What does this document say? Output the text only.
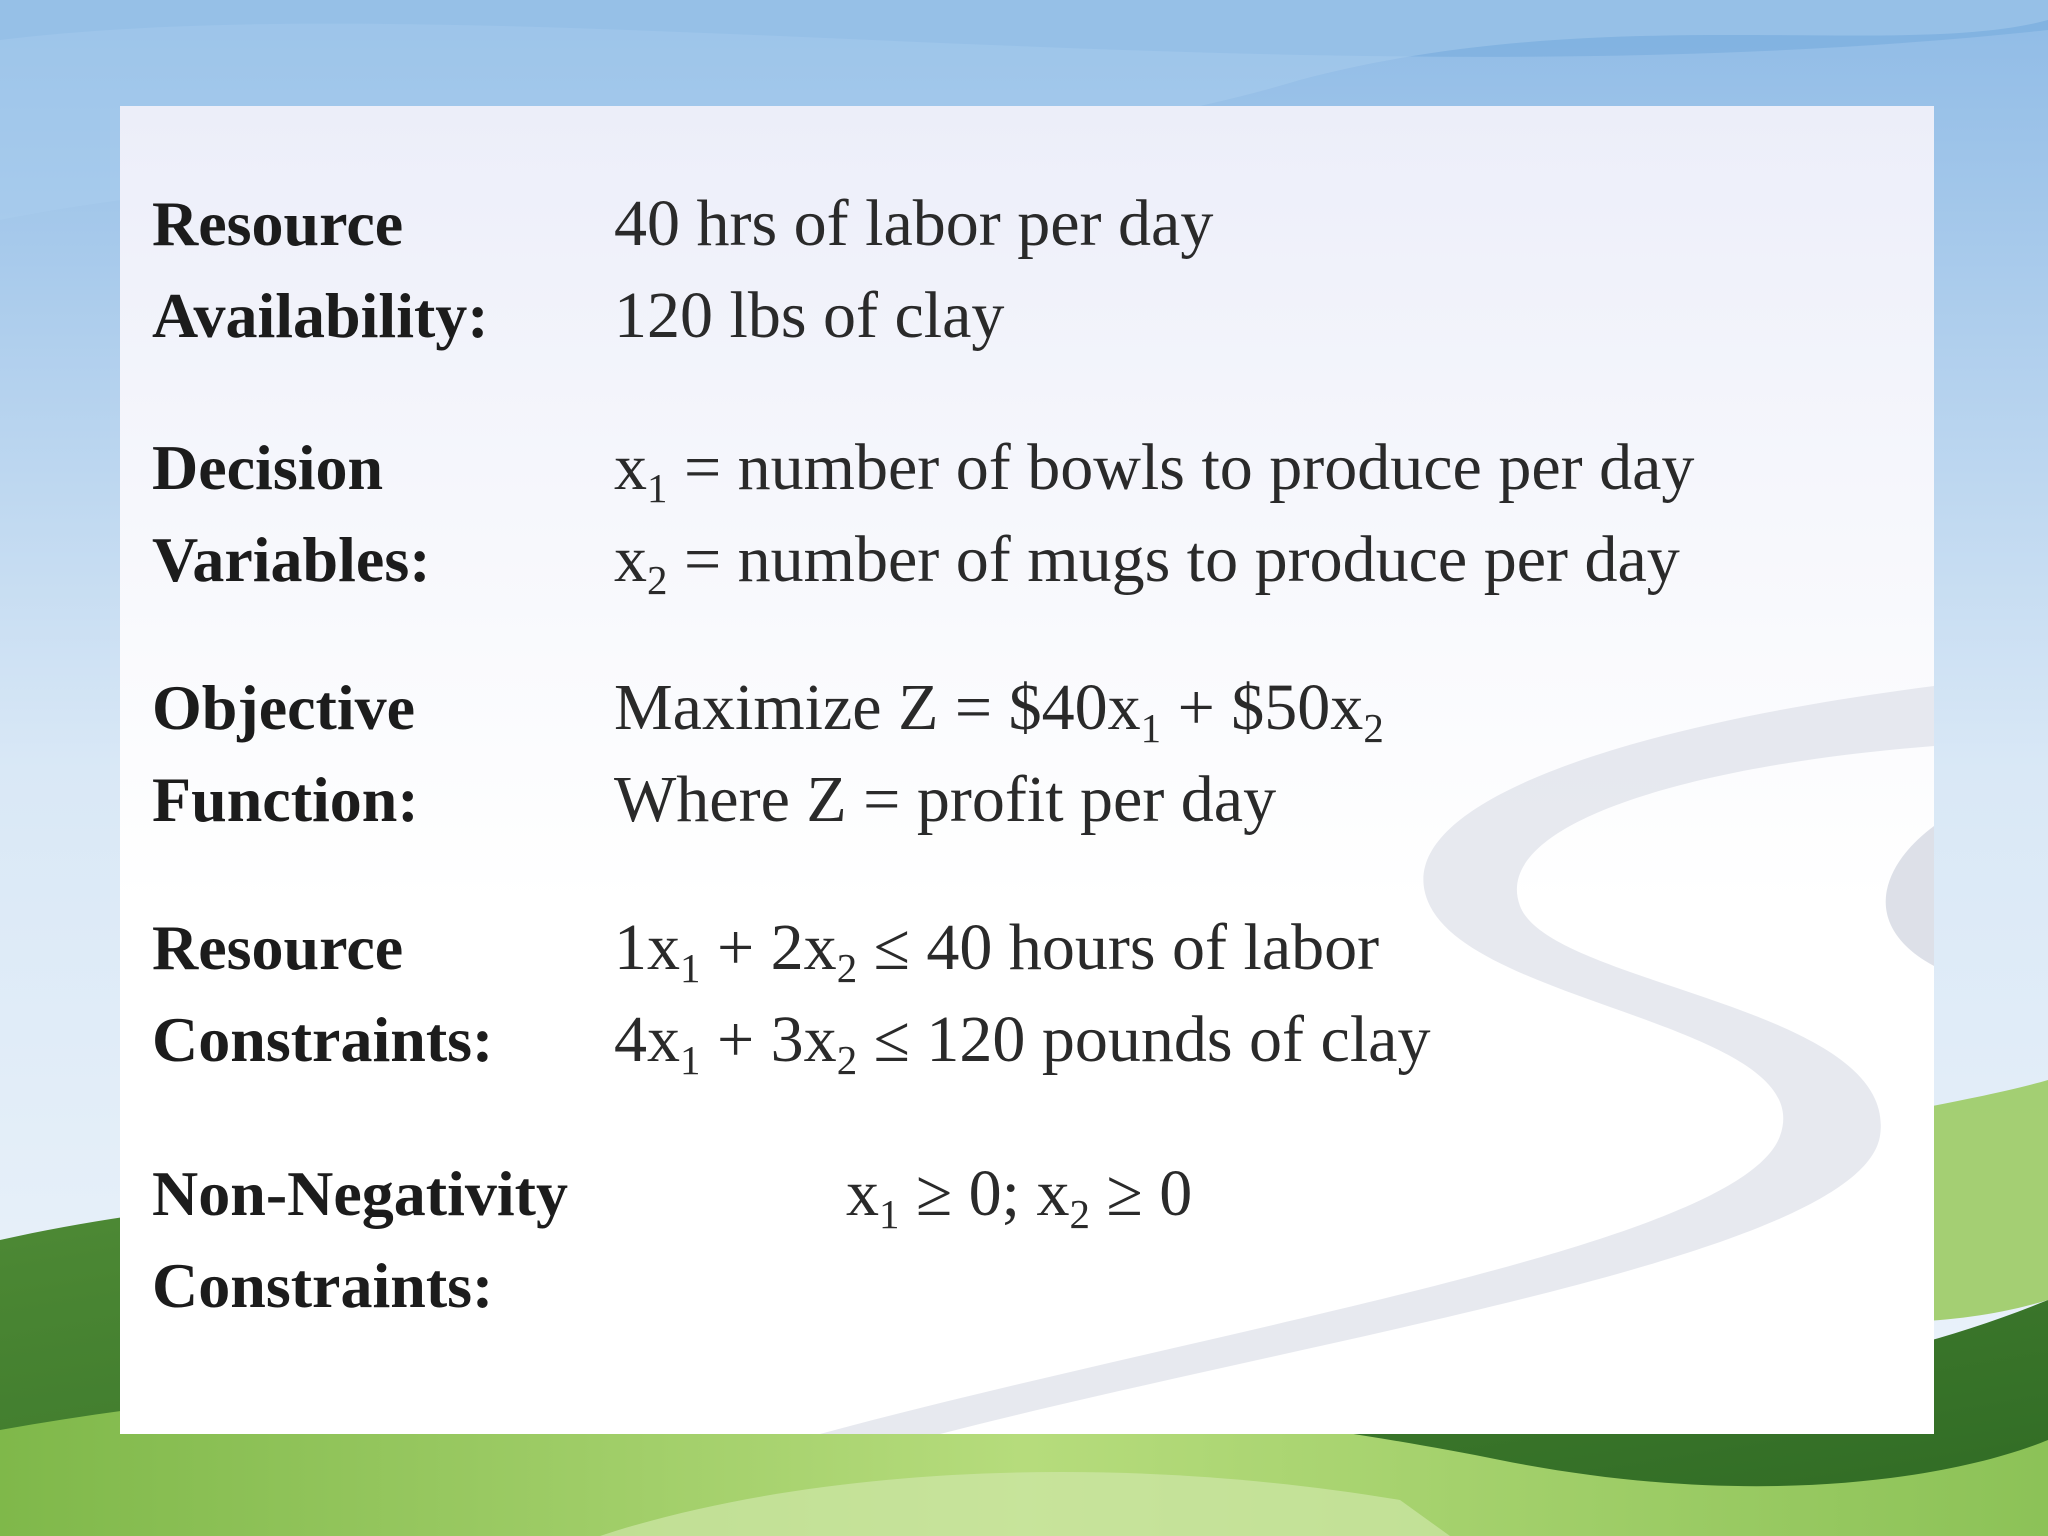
Resource
Availability:
40 hrs of labor per day
120 lbs of clay
Decision
Variables:
$x_1$ = number of bowls to produce per day
$x_2$ = number of mugs to produce per day
Objective
Function:
Maximize $Z = \$40x_1$ + $\$50x_2$
Where Z = profit per day
Resource
Constraints:
$1x_1 + 2x_2 \le 40$ hours of labor
$4x_1 + 3x_2 \le 120$ pounds of clay
Non-Negativity
Constraints:
$x_1 \ge 0$; $x_2 \ge 0$
